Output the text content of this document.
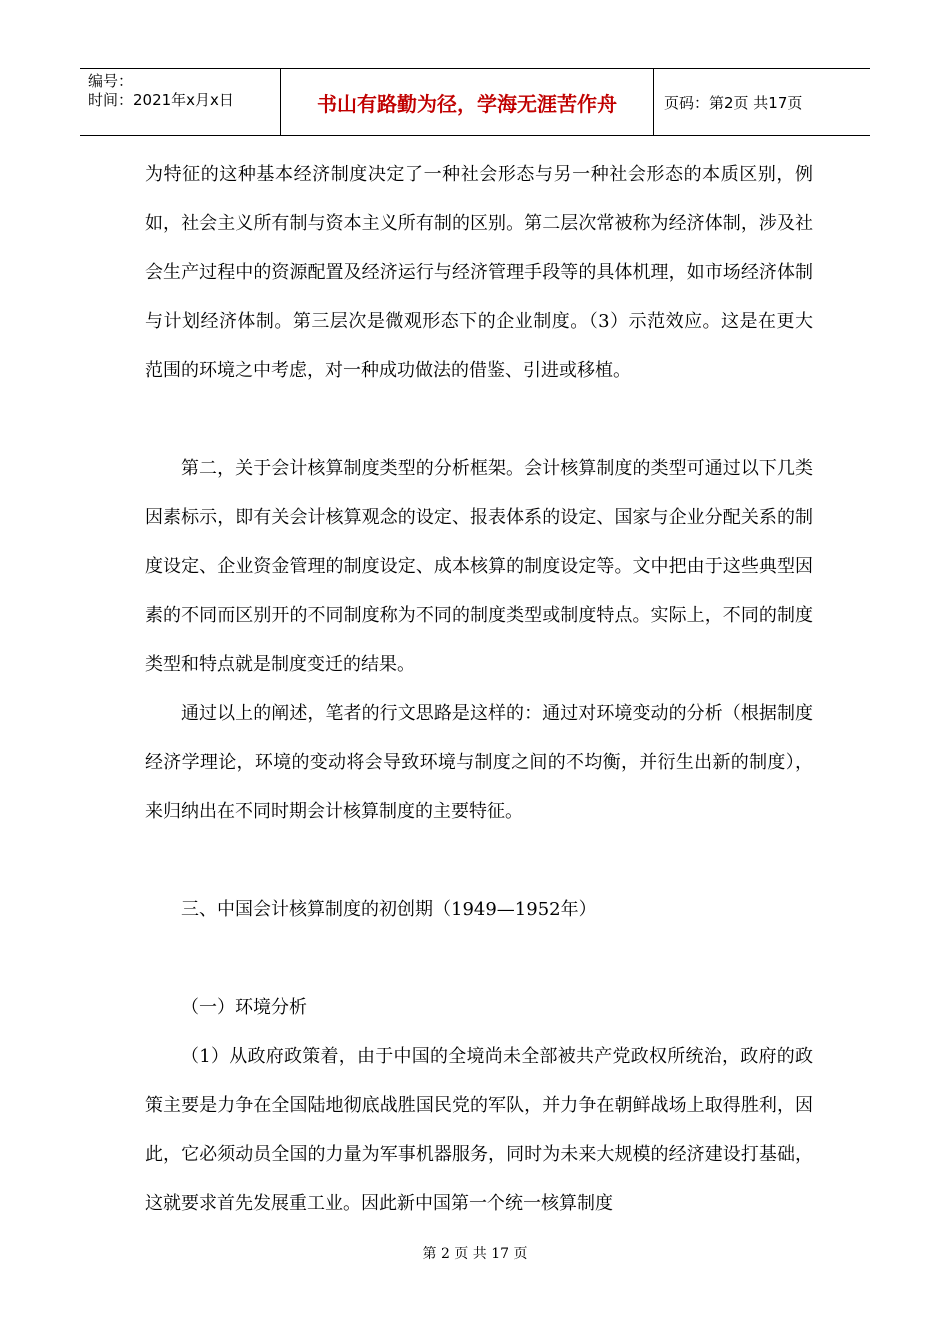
编号：
时间：2021年x月x日	书山有路勤为径，学海无涯苦作舟	页码：第2页 共17页

为特征的这种基本经济制度决定了一种社会形态与另一种社会形态的本质区别，例如，社会主义所有制与资本主义所有制的区别。第二层次常被称为经济体制，涉及社会生产过程中的资源配置及经济运行与经济管理手段等的具体机理，如市场经济体制与计划经济体制。第三层次是微观形态下的企业制度。（3）示范效应。这是在更大范围的环境之中考虑，对一种成功做法的借鉴、引进或移植。

第二，关于会计核算制度类型的分析框架。会计核算制度的类型可通过以下几类因素标示，即有关会计核算观念的设定、报表体系的设定、国家与企业分配关系的制度设定、企业资金管理的制度设定、成本核算的制度设定等。文中把由于这些典型因素的不同而区别开的不同制度称为不同的制度类型或制度特点。实际上，不同的制度类型和特点就是制度变迁的结果。

通过以上的阐述，笔者的行文思路是这样的：通过对环境变动的分析（根据制度经济学理论，环境的变动将会导致环境与制度之间的不均衡，并衍生出新的制度），来归纳出在不同时期会计核算制度的主要特征。

三、中国会计核算制度的初创期（1949—1952年）

（一）环境分析

（1）从政府政策着，由于中国的全境尚未全部被共产党政权所统治，政府的政策主要是力争在全国陆地彻底战胜国民党的军队，并力争在朝鲜战场上取得胜利，因此，它必须动员全国的力量为军事机器服务，同时为未来大规模的经济建设打基础，这就要求首先发展重工业。因此新中国第一个统一核算制度

第 2 页 共 17 页
